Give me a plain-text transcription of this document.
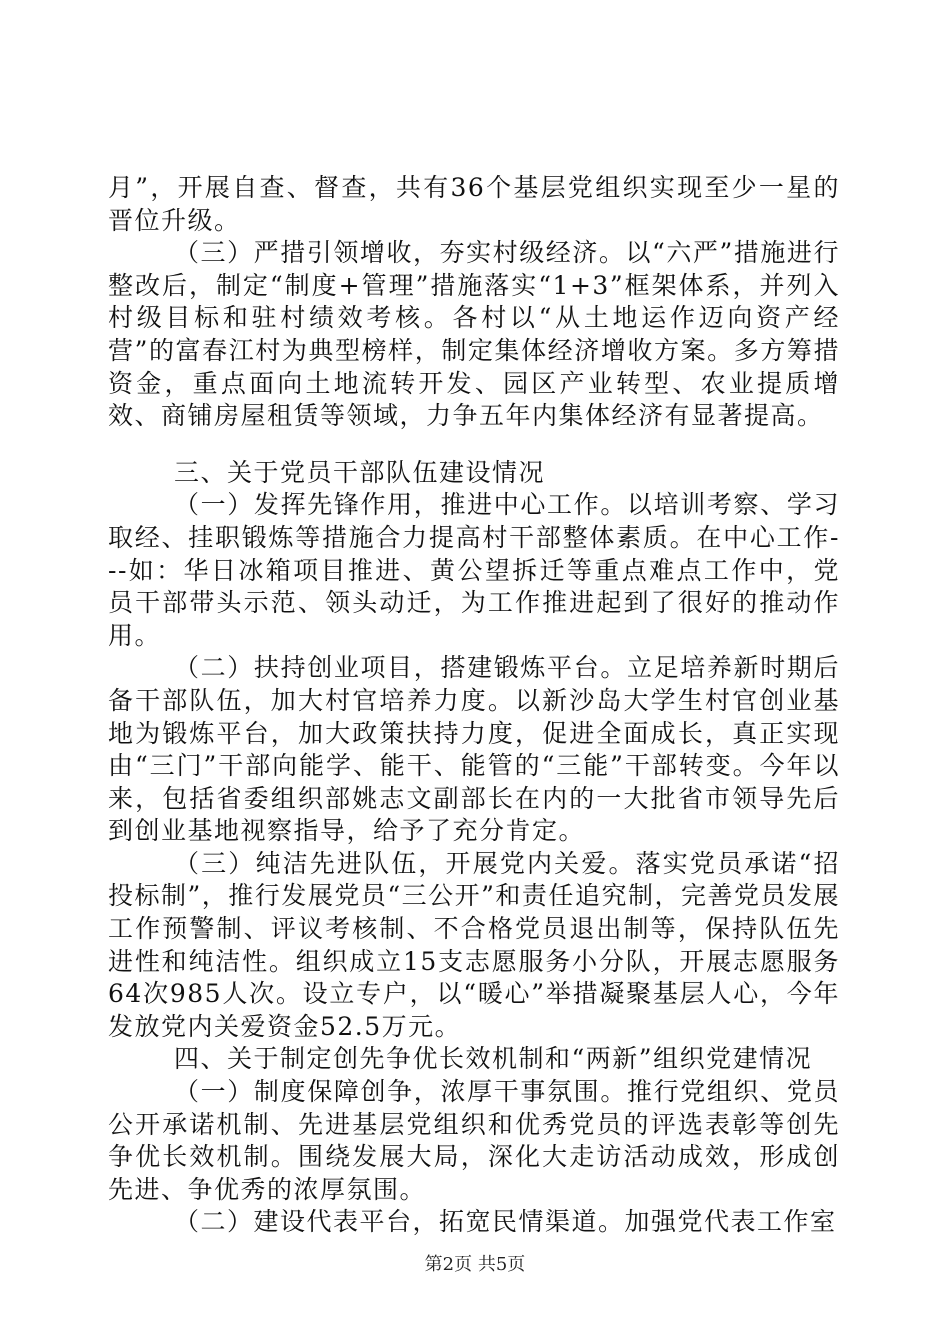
月”，开展自查、督查，共有36个基层党组织实现至少一星的晋位升级。

（三）严措引领增收，夯实村级经济。以“六严”措施进行整改后，制定“制度+管理”措施落实“1+3”框架体系，并列入村级目标和驻村绩效考核。各村以“从土地运作迈向资产经营”的富春江村为典型榜样，制定集体经济增收方案。多方筹措资金，重点面向土地流转开发、园区产业转型、农业提质增效、商铺房屋租赁等领域，力争五年内集体经济有显著提高。

三、关于党员干部队伍建设情况

（一）发挥先锋作用，推进中心工作。以培训考察、学习取经、挂职锻炼等措施合力提高村干部整体素质。在中心工作---如：华日冰箱项目推进、黄公望拆迁等重点难点工作中，党员干部带头示范、领头动迁，为工作推进起到了很好的推动作用。

（二）扶持创业项目，搭建锻炼平台。立足培养新时期后备干部队伍，加大村官培养力度。以新沙岛大学生村官创业基地为锻炼平台，加大政策扶持力度，促进全面成长，真正实现由“三门”干部向能学、能干、能管的“三能”干部转变。今年以来，包括省委组织部姚志文副部长在内的一大批省市领导先后到创业基地视察指导，给予了充分肯定。

（三）纯洁先进队伍，开展党内关爱。落实党员承诺“招投标制”，推行发展党员“三公开”和责任追究制，完善党员发展工作预警制、评议考核制、不合格党员退出制等，保持队伍先进性和纯洁性。组织成立15支志愿服务小分队，开展志愿服务64次985人次。设立专户，以“暖心”举措凝聚基层人心，今年发放党内关爱资金52.5万元。

四、关于制定创先争优长效机制和“两新”组织党建情况

（一）制度保障创争，浓厚干事氛围。推行党组织、党员公开承诺机制、先进基层党组织和优秀党员的评选表彰等创先争优长效机制。围绕发展大局，深化大走访活动成效，形成创先进、争优秀的浓厚氛围。

（二）建设代表平台，拓宽民情渠道。加强党代表工作室

第2页 共5页
